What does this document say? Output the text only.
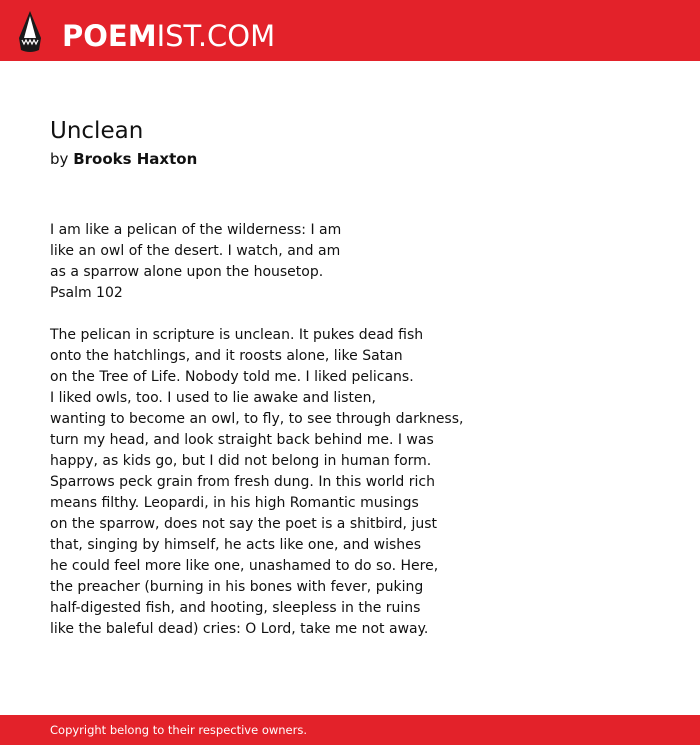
POEMIST.COM
Unclean
by Brooks Haxton
I am like a pelican of the wilderness: I am
like an owl of the desert. I watch, and am
as a sparrow alone upon the housetop.
Psalm 102
The pelican in scripture is unclean. It pukes dead fish
onto the hatchlings, and it roosts alone, like Satan
on the Tree of Life. Nobody told me. I liked pelicans.
I liked owls, too. I used to lie awake and listen,
wanting to become an owl, to fly, to see through darkness,
turn my head, and look straight back behind me. I was
happy, as kids go, but I did not belong in human form.
Sparrows peck grain from fresh dung. In this world rich
means filthy. Leopardi, in his high Romantic musings
on the sparrow, does not say the poet is a shitbird, just
that, singing by himself, he acts like one, and wishes
he could feel more like one, unashamed to do so. Here,
the preacher (burning in his bones with fever, puking
half-digested fish, and hooting, sleepless in the ruins
like the baleful dead) cries: O Lord, take me not away.
Copyright belong to their respective owners.
